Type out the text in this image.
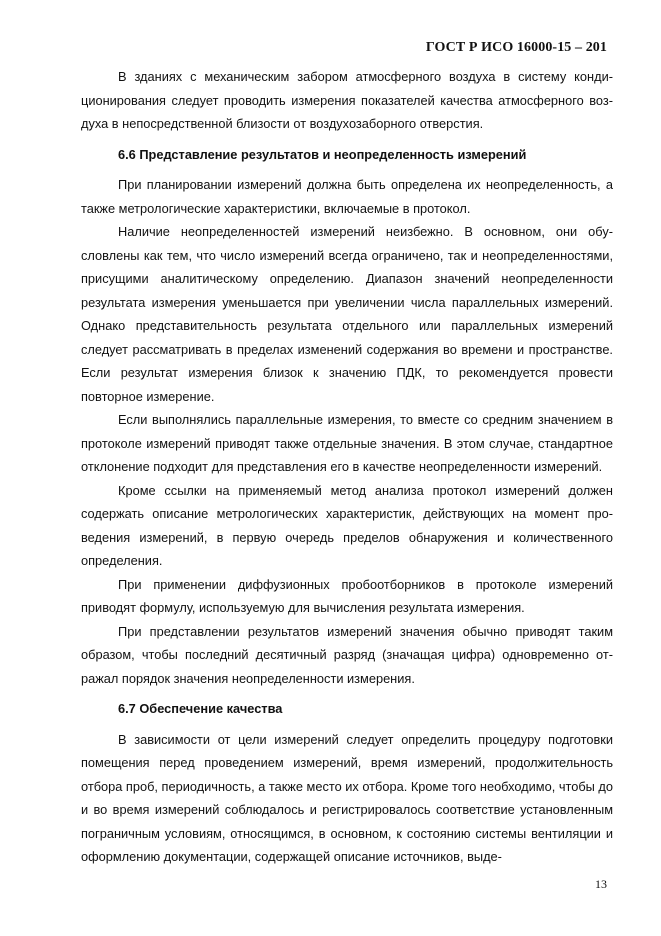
ГОСТ Р ИСО 16000-15 – 201

В зданиях с механическим забором атмосферного воздуха в систему кондиционирования следует проводить измерения показателей качества атмосферного воздуха в непосредственной близости от воздухозаборного отверстия.

6.6 Представление результатов и неопределенность измерений

При планировании измерений должна быть определена их неопределенность, а также метрологические характеристики, включаемые в протокол.

Наличие неопределенностей измерений неизбежно. В основном, они обусловлены как тем, что число измерений всегда ограничено, так и неопределенностями, присущими аналитическому определению. Диапазон значений неопределенности результата измерения уменьшается при увеличении числа параллельных измерений. Однако представительность результата отдельного или параллельных измерений следует рассматривать в пределах изменений содержания во времени и пространстве. Если результат измерения близок к значению ПДК, то рекомендуется провести повторное измерение.

Если выполнялись параллельные измерения, то вместе со средним значением в протоколе измерений приводят также отдельные значения. В этом случае, стандартное отклонение подходит для представления его в качестве неопределенности измерений.

Кроме ссылки на применяемый метод анализа протокол измерений должен содержать описание метрологических характеристик, действующих на момент проведения измерений, в первую очередь пределов обнаружения и количественного определения.

При применении диффузионных пробоотборников в протоколе измерений приводят формулу, используемую для вычисления результата измерения.

При представлении результатов измерений значения обычно приводят таким образом, чтобы последний десятичный разряд (значащая цифра) одновременно отражал порядок значения неопределенности измерения.

6.7 Обеспечение качества

В зависимости от цели измерений следует определить процедуру подготовки помещения перед проведением измерений, время измерений, продолжительность отбора проб, периодичность, а также место их отбора. Кроме того необходимо, чтобы до и во время измерений соблюдалось и регистрировалось соответствие установленным пограничным условиям, относящимся, в основном, к состоянию системы вентиляции и оформлению документации, содержащей описание источников, выде-

13
